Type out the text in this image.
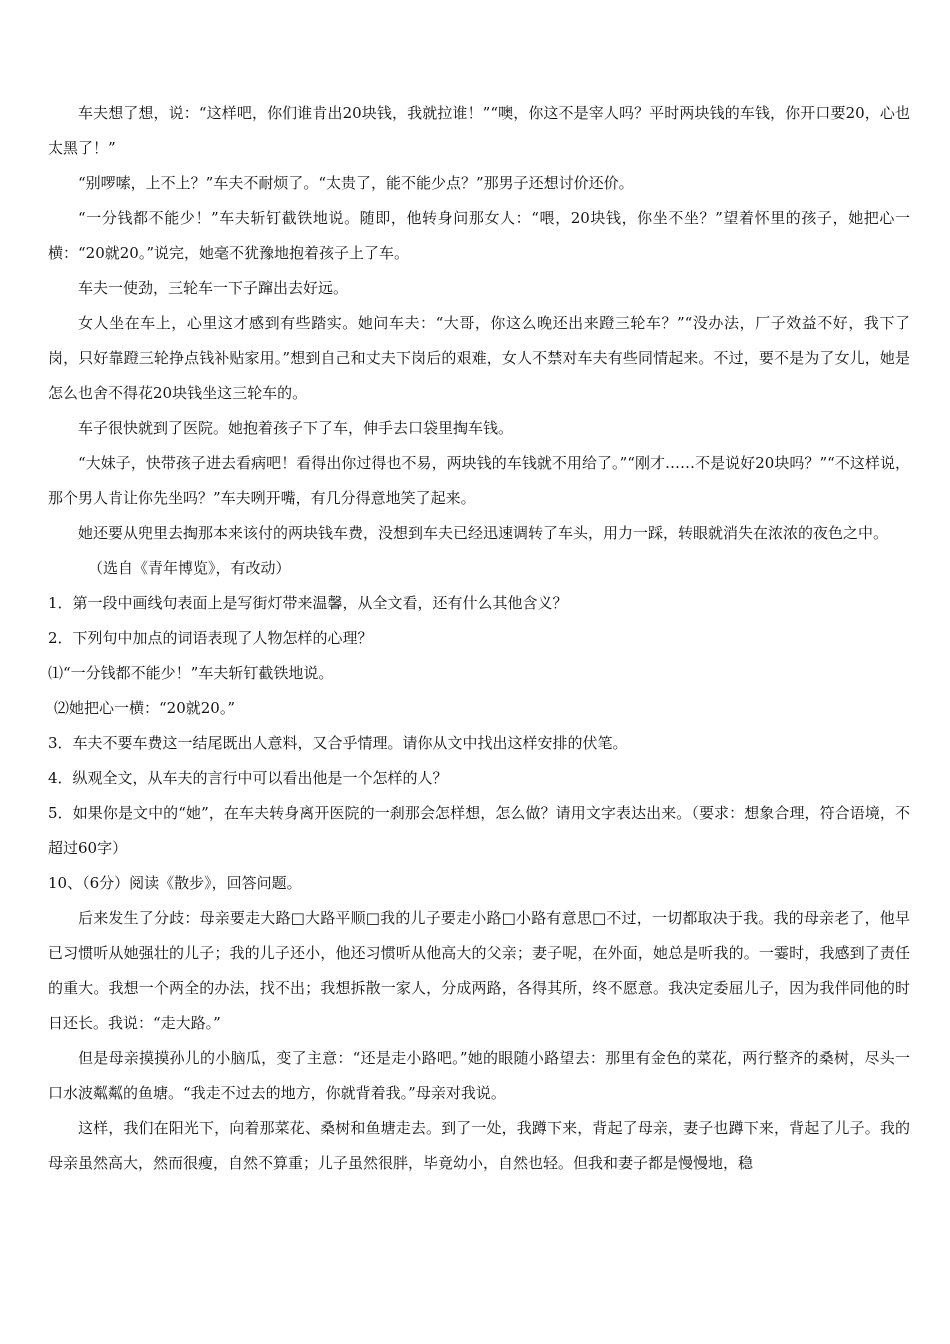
车夫想了想，说：“这样吧，你们谁肯出20块钱，我就拉谁！”“噢，你这不是宰人吗？平时两块钱的车钱，你开口要20，心也太黑了！”

“别啰嗦，上不上？”车夫不耐烦了。“太贵了，能不能少点？”那男子还想讨价还价。

“一分钱都不能少！”车夫斩钉截铁地说。随即，他转身问那女人：“喂，20块钱，你坐不坐？”望着怀里的孩子，她把心一横：“20就20。”说完，她毫不犹豫地抱着孩子上了车。

车夫一使劲，三轮车一下子蹿出去好远。

女人坐在车上，心里这才感到有些踏实。她问车夫：“大哥，你这么晚还出来蹬三轮车？”“没办法，厂子效益不好，我下了岗，只好靠蹬三轮挣点钱补贴家用。”想到自己和丈夫下岗后的艰难，女人不禁对车夫有些同情起来。不过，要不是为了女儿，她是怎么也舍不得花20块钱坐这三轮车的。

车子很快就到了医院。她抱着孩子下了车，伸手去口袋里掏车钱。

“大妹子，快带孩子进去看病吧！看得出你过得也不易，两块钱的车钱就不用给了。”“刚才……不是说好20块吗？”“不这样说，那个男人肯让你先坐吗？”车夫咧开嘴，有几分得意地笑了起来。

她还要从兜里去掏那本来该付的两块钱车费，没想到车夫已经迅速调转了车头，用力一踩，转眼就消失在浓浓的夜色之中。

（选自《青年博览》，有改动）

1．第一段中画线句表面上是写街灯带来温馨，从全文看，还有什么其他含义？

2．下列句中加点的词语表现了人物怎样的心理？

⑴“一分钱都不能少！”车夫斩钉截铁地说。

⑵她把心一横：“20就20。”

3．车夫不要车费这一结尾既出人意料，又合乎情理。请你从文中找出这样安排的伏笔。

4．纵观全文，从车夫的言行中可以看出他是一个怎样的人？

5．如果你是文中的“她”，在车夫转身离开医院的一刹那会怎样想，怎么做？请用文字表达出来。（要求：想象合理，符合语境，不超过60字）

10、（6分）阅读《散步》，回答问题。

后来发生了分歧：母亲要走大路□大路平顺□我的儿子要走小路□小路有意思□不过，一切都取决于我。我的母亲老了，他早已习惯听从她强壮的儿子；我的儿子还小，他还习惯听从他高大的父亲；妻子呢，在外面，她总是听我的。一霎时，我感到了责任的重大。我想一个两全的办法，找不出；我想拆散一家人，分成两路，各得其所，终不愿意。我决定委屈儿子，因为我伴同他的时日还长。我说：“走大路。”

但是母亲摸摸孙儿的小脑瓜，变了主意：“还是走小路吧。”她的眼随小路望去：那里有金色的菜花，两行整齐的桑树，尽头一口水波粼粼的鱼塘。“我走不过去的地方，你就背着我。”母亲对我说。

这样，我们在阳光下，向着那菜花、桑树和鱼塘走去。到了一处，我蹲下来，背起了母亲，妻子也蹲下来，背起了儿子。我的母亲虽然高大，然而很瘦，自然不算重；儿子虽然很胖，毕竟幼小，自然也轻。但我和妻子都是慢慢地，稳
